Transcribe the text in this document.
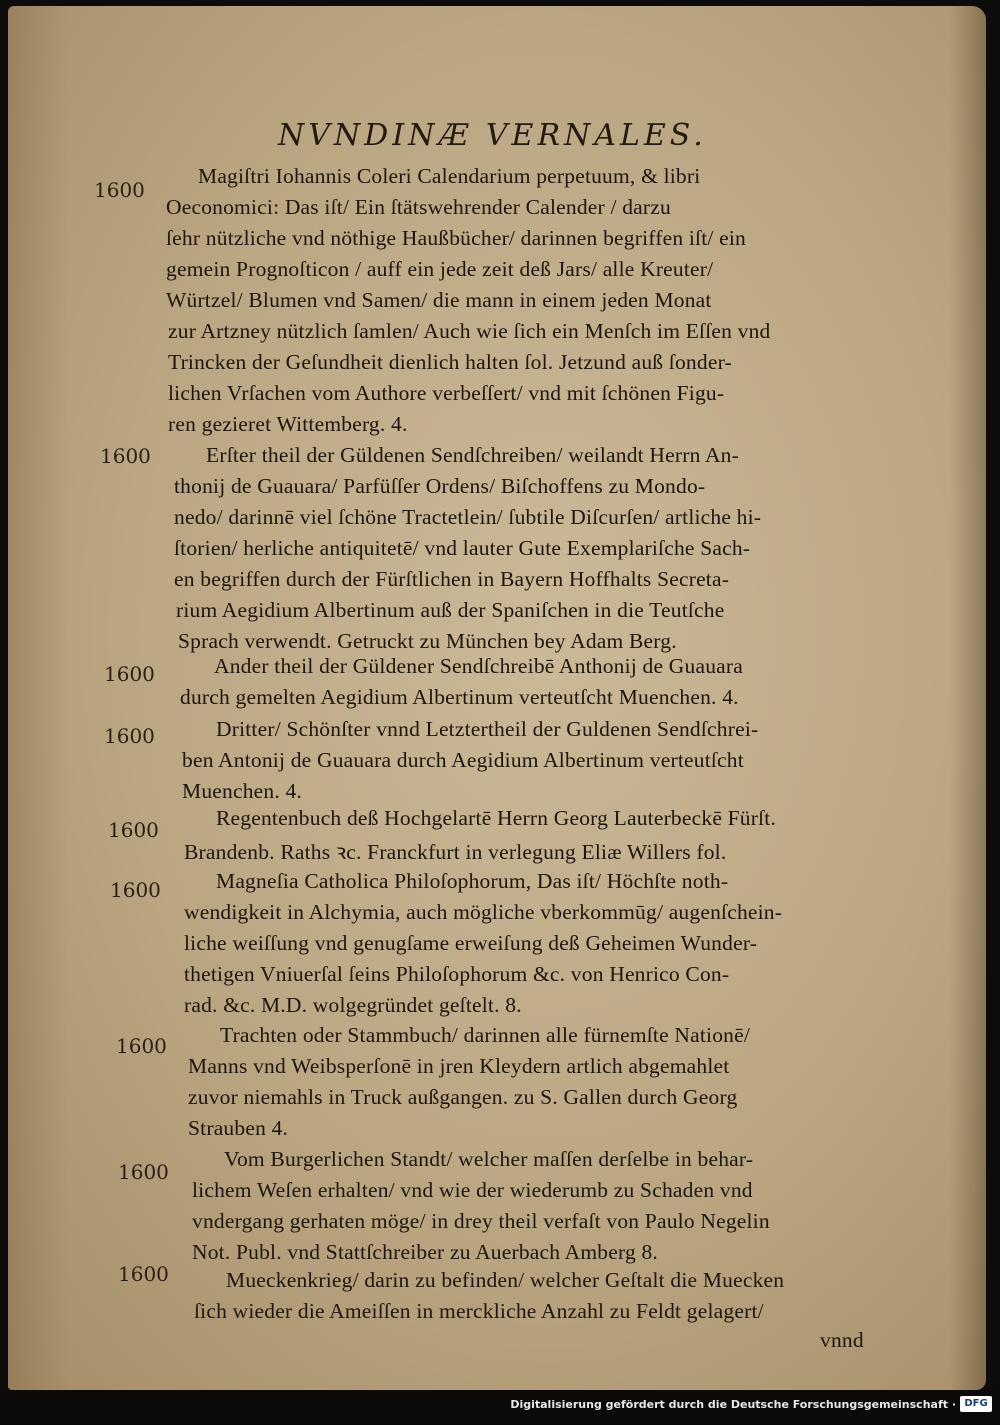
NVNDINÆ VERNALES.
1600
Magiſtri Iohannis Coleri Calendarium perpetuum, & libri
Oeconomici: Das iſt/ Ein ſtätswehrender Calender / darzu
ſehr nützliche vnd nöthige Haußbücher/ darinnen begriffen iſt/ ein
gemein Prognoſticon / auff ein jede zeit deß Jars/ alle Kreuter/
Würtzel/ Blumen vnd Samen/ die mann in einem jeden Monat
zur Artzney nützlich ſamlen/ Auch wie ſich ein Menſch im Eſſen vnd
Trincken der Geſundheit dienlich halten ſol. Jetzund auß ſonder-
lichen Vrſachen vom Authore verbeſſert/ vnd mit ſchönen Figu-
ren gezieret Wittemberg. 4.
1600	Erſter theil der Güldenen Sendſchreiben/ weilandt Herrn An-
thonij de Guauara/ Parfüſſer Ordens/ Biſchoffens zu Mondo-
nedo/ darinnē viel ſchöne Tractetlein/ ſubtile Diſcurſen/ artliche hi-
ſtorien/ herliche antiquitetē/ vnd lauter Gute Exemplariſche Sach-
en begriffen durch der Fürſtlichen in Bayern Hoffhalts Secreta-
rium Aegidium Albertinum auß der Spaniſchen in die Teutſche
Sprach verwendt. Getruckt zu München bey Adam Berg.
1600	Ander theil der Güldener Sendſchreibē Anthonij de Guauara
durch gemelten Aegidium Albertinum verteutſcht Muenchen. 4.
1600	Dritter/ Schönſter vnnd Letztertheil der Guldenen Sendſchrei-
ben Antonij de Guauara durch Aegidium Albertinum verteutſcht
Muenchen. 4.
1600	Regentenbuch deß Hochgelartē Herrn Georg Lauterbeckē Fürſt.
Brandenb. Raths ꝛc. Franckfurt in verlegung Eliæ Willers fol.
1600	Magneſia Catholica Philoſophorum, Das iſt/ Höchſte noth-
wendigkeit in Alchymia, auch mögliche vberkommūg/ augenſchein-
liche weiſſung vnd genugſame erweiſung deß Geheimen Wunder-
thetigen Vniuerſal ſeins Philoſophorum &c. von Henrico Con-
rad. &c. M.D. wolgegründet geſtelt. 8.
1600 Trachten oder Stammbuch/ darinnen alle fürnemſte Nationē/
Manns vnd Weibsperſonē in jren Kleydern artlich abgemahlet
zuvor niemahls in Truck außgangen. zu S. Gallen durch Georg
Strauben 4.
1600
Vom Burgerlichen Standt/ welcher maſſen derſelbe in behar-
lichem Weſen erhalten/ vnd wie der wiederumb zu Schaden vnd
vndergang gerhaten möge/ in drey theil verfaſt von Paulo Negelin
Not. Publ. vnd Stattſchreiber zu Auerbach Amberg 8.
1600	Mueckenkrieg/ darin zu befinden/ welcher Geſtalt die Muecken
ſich wieder die Ameiſſen in merckliche Anzahl zu Feldt gelagert/
vnnd
Digitalisierung gefördert durch die Deutsche Forschungsgemeinschaft · DFG
